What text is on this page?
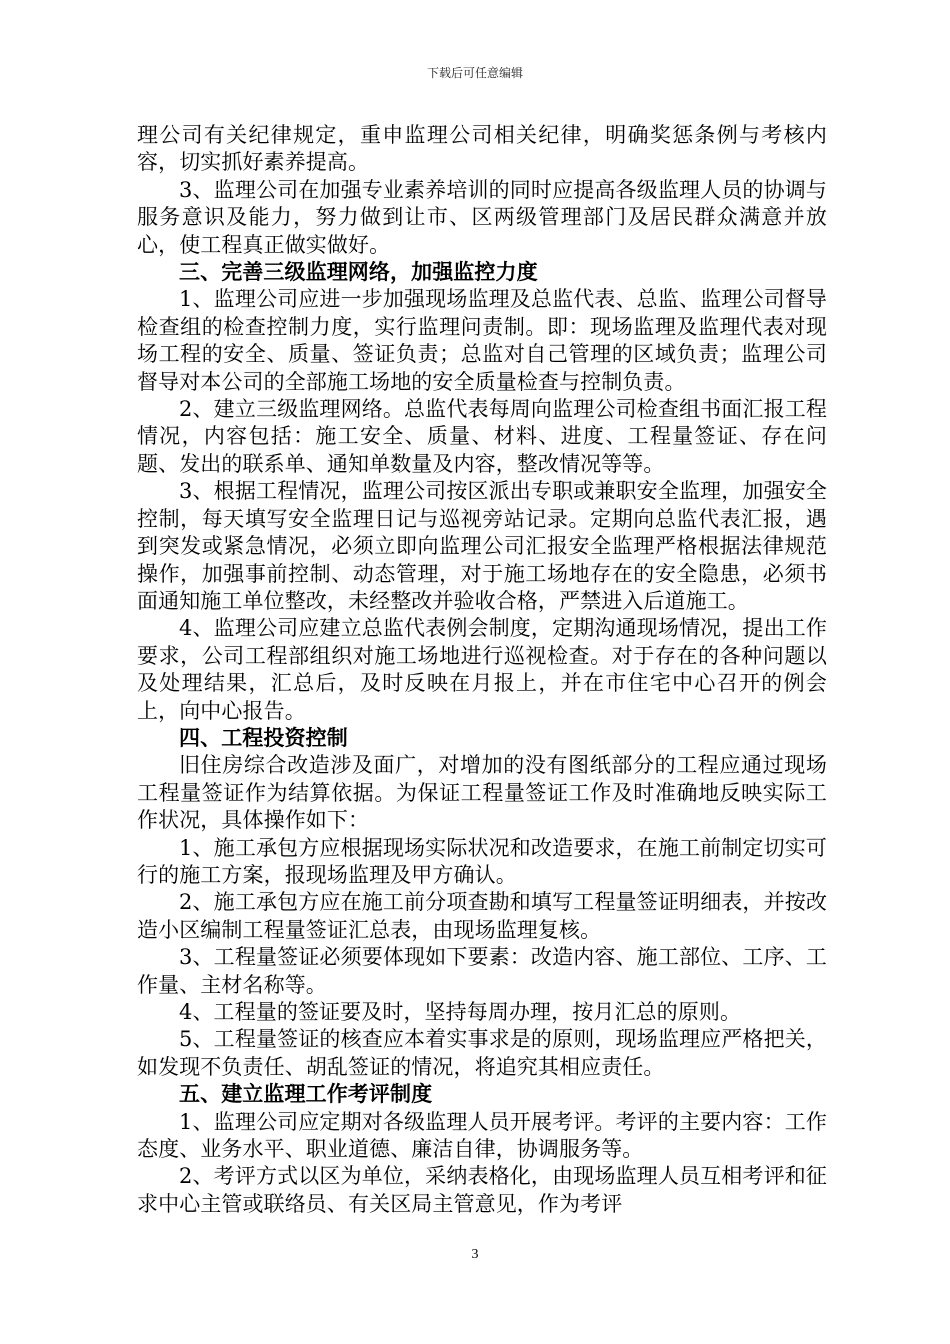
下载后可任意编辑

理公司有关纪律规定，重申监理公司相关纪律，明确奖惩条例与考核内容，切实抓好素养提高。

3、监理公司在加强专业素养培训的同时应提高各级监理人员的协调与服务意识及能力，努力做到让市、区两级管理部门及居民群众满意并放心，使工程真正做实做好。

三、完善三级监理网络，加强监控力度

1、监理公司应进一步加强现场监理及总监代表、总监、监理公司督导检查组的检查控制力度，实行监理问责制。即：现场监理及监理代表对现场工程的安全、质量、签证负责；总监对自己管理的区域负责；监理公司督导对本公司的全部施工场地的安全质量检查与控制负责。

2、建立三级监理网络。总监代表每周向监理公司检查组书面汇报工程情况，内容包括：施工安全、质量、材料、进度、工程量签证、存在问题、发出的联系单、通知单数量及内容，整改情况等等。

3、根据工程情况，监理公司按区派出专职或兼职安全监理，加强安全控制，每天填写安全监理日记与巡视旁站记录。定期向总监代表汇报，遇到突发或紧急情况，必须立即向监理公司汇报安全监理严格根据法律规范操作，加强事前控制、动态管理，对于施工场地存在的安全隐患，必须书面通知施工单位整改，未经整改并验收合格，严禁进入后道施工。

4、监理公司应建立总监代表例会制度，定期沟通现场情况，提出工作要求，公司工程部组织对施工场地进行巡视检查。对于存在的各种问题以及处理结果，汇总后，及时反映在月报上，并在市住宅中心召开的例会上，向中心报告。

四、工程投资控制

旧住房综合改造涉及面广，对增加的没有图纸部分的工程应通过现场工程量签证作为结算依据。为保证工程量签证工作及时准确地反映实际工作状况，具体操作如下：

1、施工承包方应根据现场实际状况和改造要求，在施工前制定切实可行的施工方案，报现场监理及甲方确认。

2、施工承包方应在施工前分项查勘和填写工程量签证明细表，并按改造小区编制工程量签证汇总表，由现场监理复核。

3、工程量签证必须要体现如下要素：改造内容、施工部位、工序、工作量、主材名称等。

4、工程量的签证要及时，坚持每周办理，按月汇总的原则。

5、工程量签证的核查应本着实事求是的原则，现场监理应严格把关，如发现不负责任、胡乱签证的情况，将追究其相应责任。

五、建立监理工作考评制度

1、监理公司应定期对各级监理人员开展考评。考评的主要内容：工作态度、业务水平、职业道德、廉洁自律，协调服务等。

2、考评方式以区为单位，采纳表格化，由现场监理人员互相考评和征求中心主管或联络员、有关区局主管意见，作为考评

3
